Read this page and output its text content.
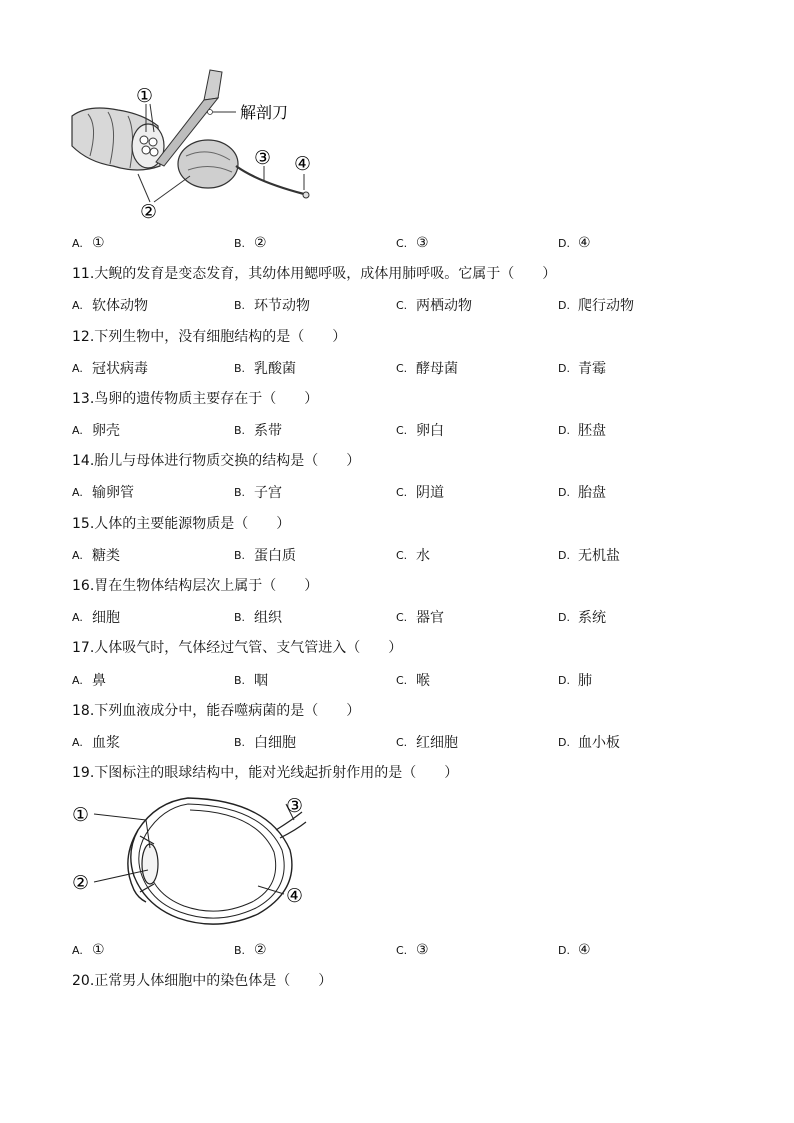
①
②
③ ④
解剖刀
A. ①	B. ②	C. ③	D. ④
11.大鲵的发育是变态发育，其幼体用鳃呼吸，成体用肺呼吸。它属于（　　）
A. 软体动物	B. 环节动物	C. 两栖动物	D. 爬行动物
12.下列生物中，没有细胞结构的是（　　）
A. 冠状病毒	B. 乳酸菌	C. 酵母菌	D. 青霉
13.鸟卵的遗传物质主要存在于（　　）
A. 卵壳	B. 系带	C. 卵白	D. 胚盘
14.胎儿与母体进行物质交换的结构是（　　）
A. 输卵管	B. 子宫	C. 阴道	D. 胎盘
15.人体的主要能源物质是（　　）
A. 糖类	B. 蛋白质	C. 水	D. 无机盐
16.胃在生物体结构层次上属于（　　）
A. 细胞	B. 组织	C. 器官	D. 系统
17.人体吸气时，气体经过气管、支气管进入（　　）
A. 鼻	B. 咽	C. 喉	D. 肺
18.下列血液成分中，能吞噬病菌的是（　　）
A. 血浆	B. 白细胞	C. 红细胞	D. 血小板
19.下图标注的眼球结构中，能对光线起折射作用的是（　　）
①
②
③
④
A. ①	B. ②	C. ③	D. ④
20.正常男人体细胞中的染色体是（　　）
